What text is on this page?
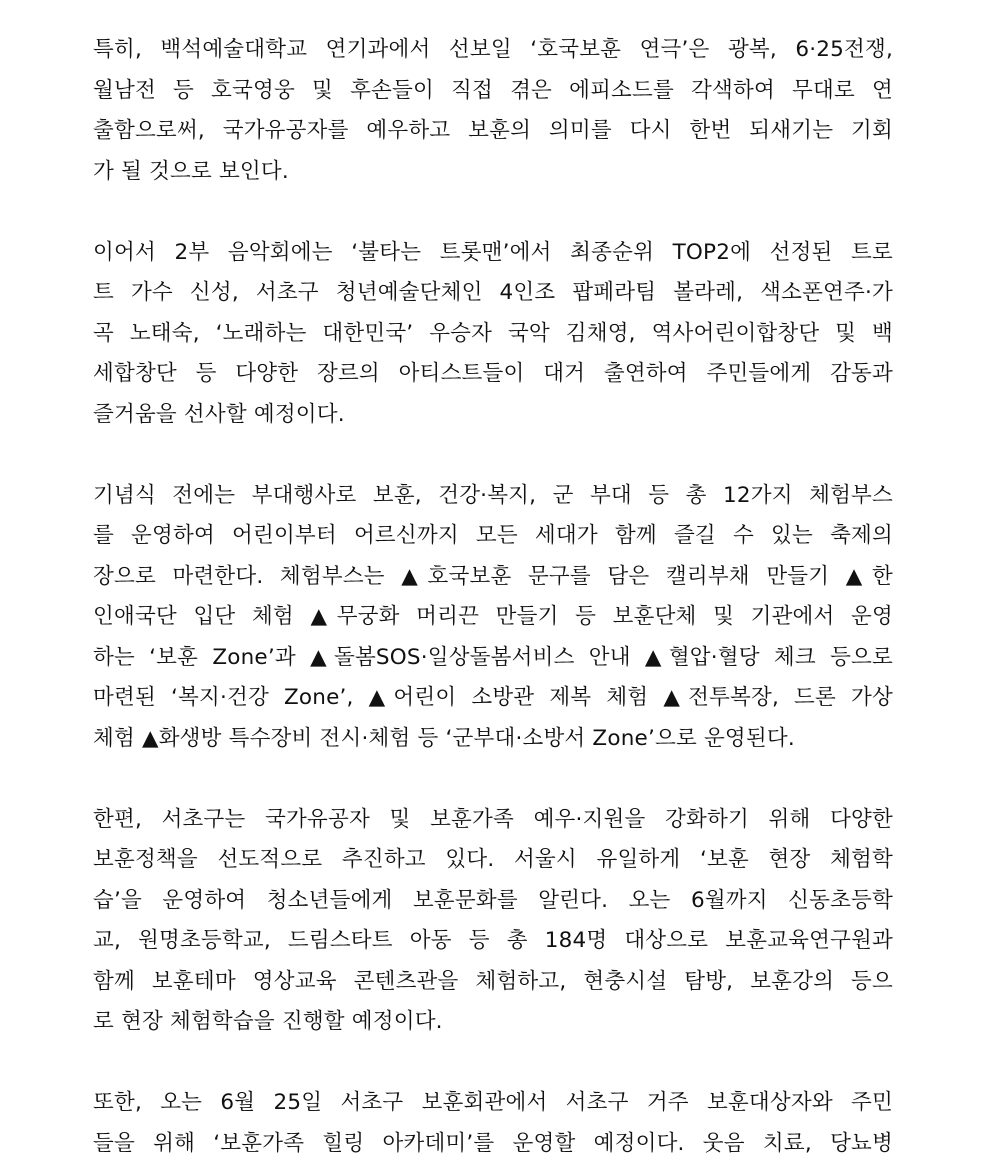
특히, 백석예술대학교 연기과에서 선보일 ‘호국보훈 연극’은 광복, 6·25전쟁,
월남전 등 호국영웅 및 후손들이 직접 겪은 에피소드를 각색하여 무대로 연
출함으로써, 국가유공자를 예우하고 보훈의 의미를 다시 한번 되새기는 기회
가 될 것으로 보인다.
이어서 2부 음악회에는 ‘불타는 트롯맨’에서 최종순위 TOP2에 선정된 트로
트 가수 신성, 서초구 청년예술단체인 4인조 팝페라팀 볼라레, 색소폰연주·가
곡 노태숙, ‘노래하는 대한민국’ 우승자 국악 김채영, 역사어린이합창단 및 백
세합창단 등 다양한 장르의 아티스트들이 대거 출연하여 주민들에게 감동과
즐거움을 선사할 예정이다.
기념식 전에는 부대행사로 보훈, 건강·복지, 군 부대 등 총 12가지 체험부스
를 운영하여 어린이부터 어르신까지 모든 세대가 함께 즐길 수 있는 축제의
장으로 마련한다. 체험부스는 ▲호국보훈 문구를 담은 캘리부채 만들기 ▲한
인애국단 입단 체험 ▲무궁화 머리끈 만들기 등 보훈단체 및 기관에서 운영
하는 ‘보훈 Zone’과 ▲돌봄SOS·일상돌봄서비스 안내 ▲혈압·혈당 체크 등으로
마련된 ‘복지·건강 Zone’, ▲어린이 소방관 제복 체험 ▲전투복장, 드론 가상
체험 ▲화생방 특수장비 전시·체험 등 ‘군부대·소방서 Zone’으로 운영된다.
한편, 서초구는 국가유공자 및 보훈가족 예우·지원을 강화하기 위해 다양한
보훈정책을 선도적으로 추진하고 있다. 서울시 유일하게 ‘보훈 현장 체험학
습’을 운영하여 청소년들에게 보훈문화를 알린다. 오는 6월까지 신동초등학
교, 원명초등학교, 드림스타트 아동 등 총 184명 대상으로 보훈교육연구원과
함께 보훈테마 영상교육 콘텐츠관을 체험하고, 현충시설 탐방, 보훈강의 등으
로 현장 체험학습을 진행할 예정이다.
또한, 오는 6월 25일 서초구 보훈회관에서 서초구 거주 보훈대상자와 주민
들을 위해 ‘보훈가족 힐링 아카데미’를 운영할 예정이다. 웃음 치료, 당뇨병
